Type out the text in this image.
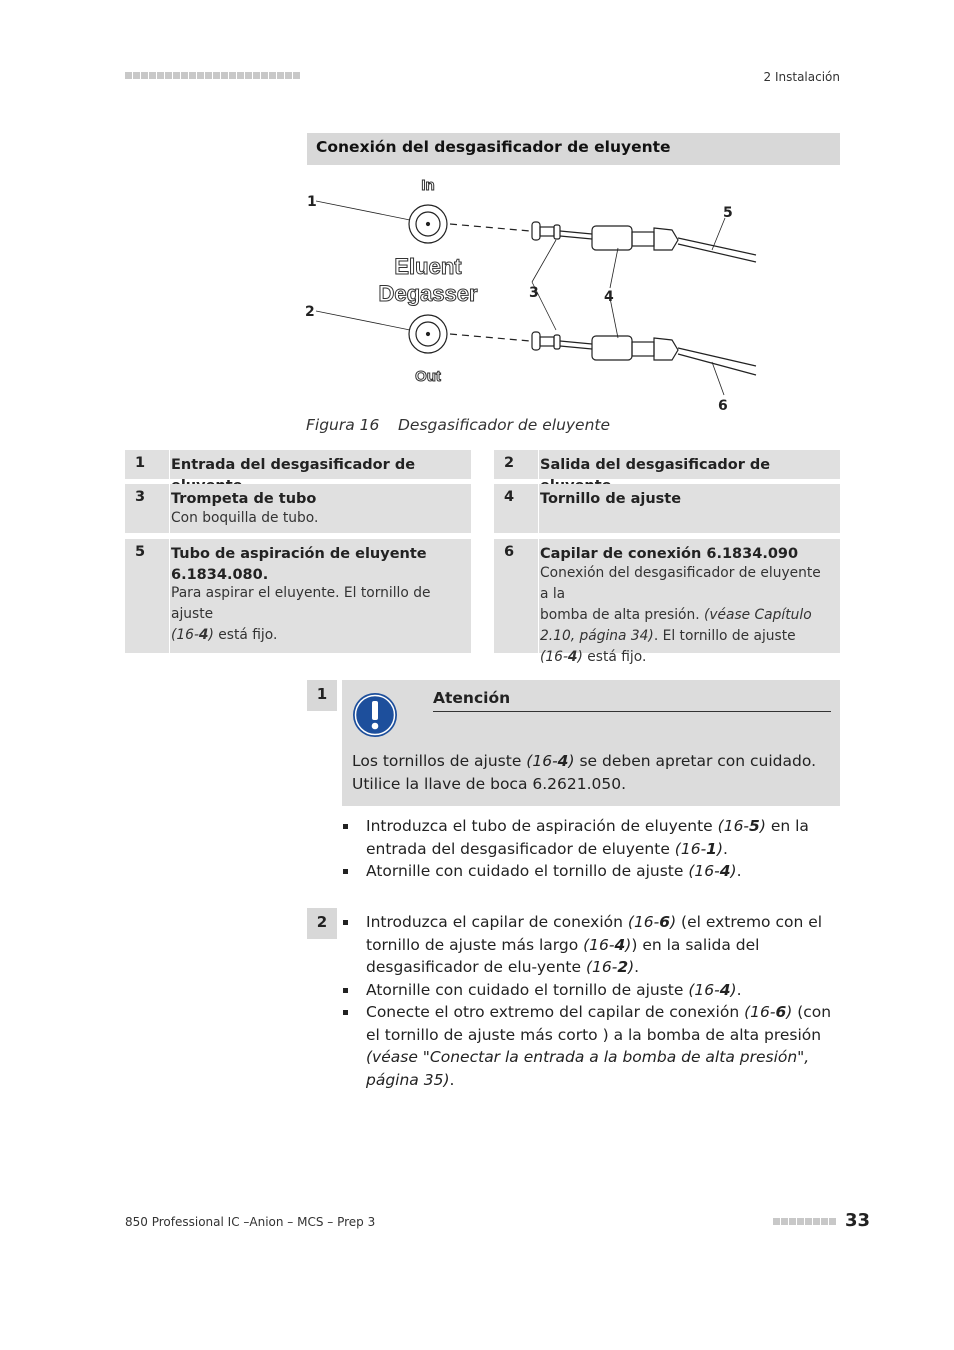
2 Instalación
Conexión del desgasificador de eluyente
In
Eluent
Degasser
Out
1
2
3	4
5
6
Figura 16 Desgasificador de eluyente
1 Entrada del desgasificador de	2 Salida del desgasificador de
3 Trompeta de tubo
Con boquilla de tubo.
4 Tornillo de ajuste
5 Tubo de aspiración de eluyente 6.1834.080.
Para aspirar el eluyente. El tornillo de ajuste
(16-4) está fijo.
6 Capilar de conexión 6.1834.090
Conexión del desgasificador de eluyente a la
bomba de alta presión. (véase Capítulo
2.10, página 34). El tornillo de ajuste
(16-4) está fijo.
1	Atención
Los tornillos de ajuste (16-4) se deben apretar con cuidado. Utilice la llave de boca 6.2621.050.
Introduzca el tubo de aspiración de eluyente (16-5) en la entrada del desgasificador de eluyente (16-1).
Atornille con cuidado el tornillo de ajuste (16-4).
2	Introduzca el capilar de conexión (16-6) (el extremo con el tornillo de ajuste más largo (16-4)) en la salida del desgasificador de elu-yente (16-2).
Atornille con cuidado el tornillo de ajuste (16-4).
Conecte el otro extremo del capilar de conexión (16-6) (con el tornillo de ajuste más corto ) a la bomba de alta presión (véase "Conectar la entrada a la bomba de alta presión", página 35).
850 Professional IC –Anion – MCS – Prep 3	33
